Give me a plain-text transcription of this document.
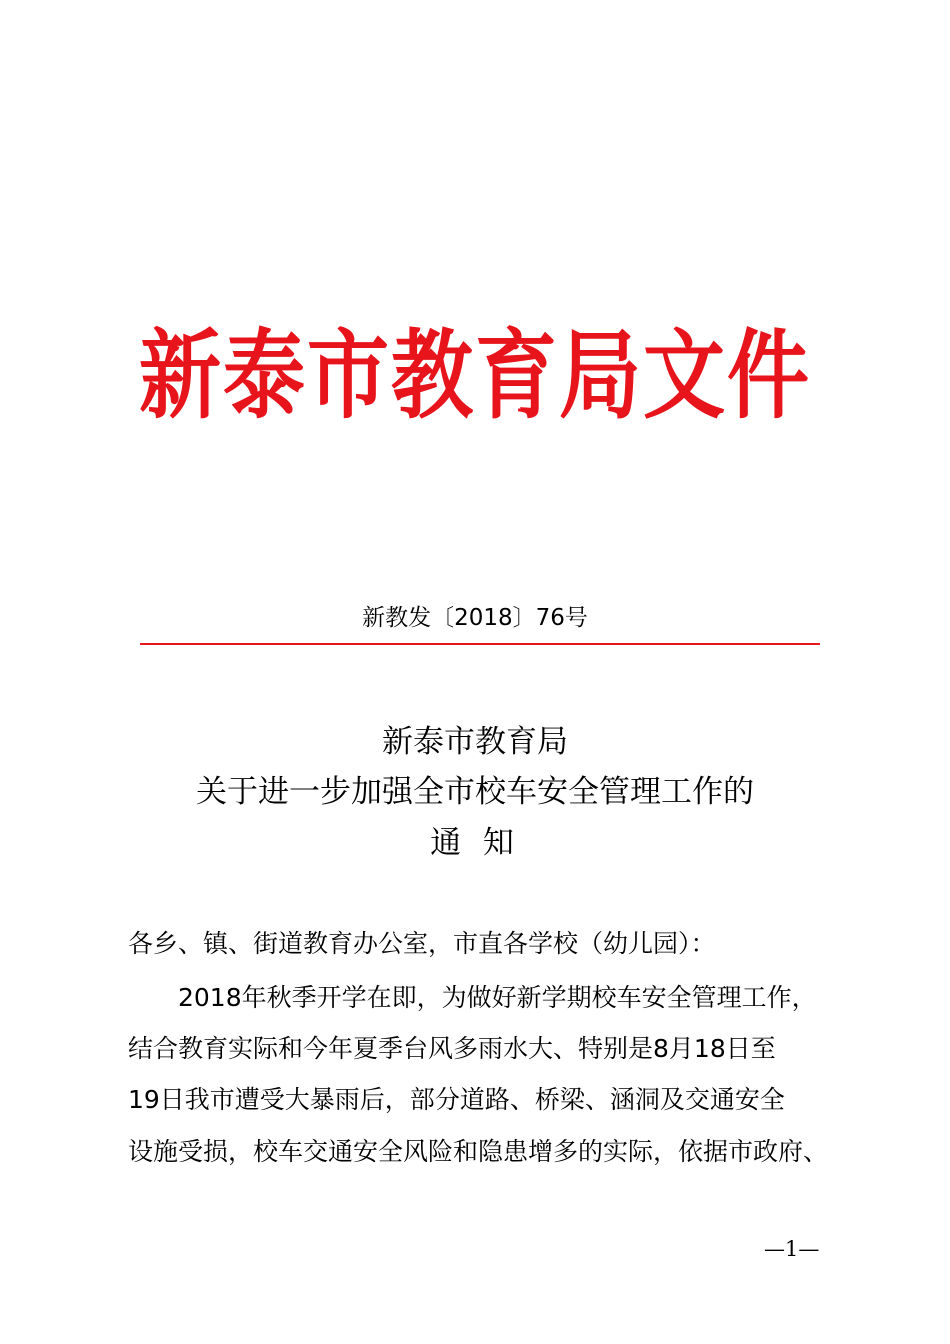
新泰市教育局文件
新教发〔2018〕76号
新泰市教育局
关于进一步加强全市校车安全管理工作的
通 知
各乡、镇、街道教育办公室，市直各学校（幼儿园）：
2018年秋季开学在即，为做好新学期校车安全管理工作，
结合教育实际和今年夏季台风多雨水大、特别是8月18日至
19日我市遭受大暴雨后，部分道路、桥梁、涵洞及交通安全
设施受损，校车交通安全风险和隐患增多的实际，依据市政府、
—1—
